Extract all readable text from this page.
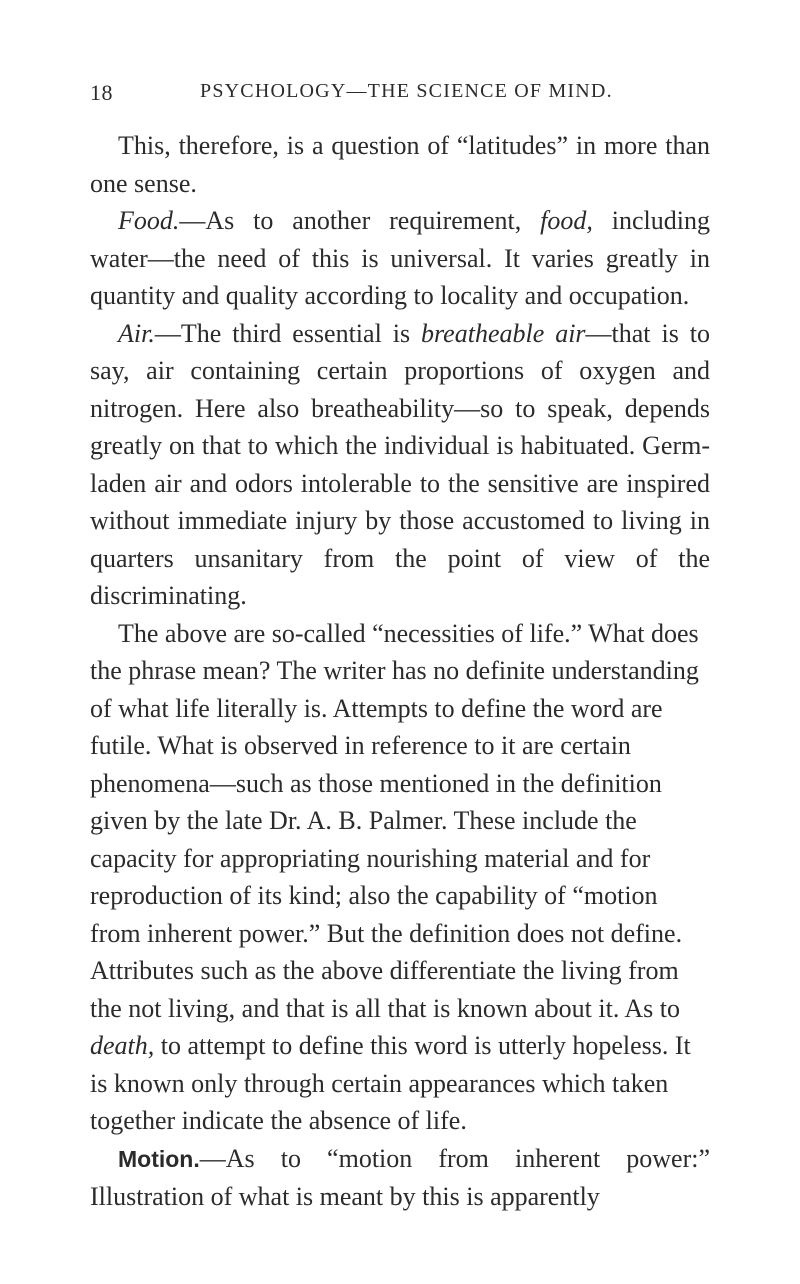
18	PSYCHOLOGY—THE SCIENCE OF MIND.

This, therefore, is a question of “latitudes” in more than one sense.

Food.—As to another requirement, food, including water—the need of this is universal. It varies greatly in quantity and quality according to locality and occupation.

Air.—The third essential is breatheable air—that is to say, air containing certain proportions of oxygen and nitrogen. Here also breatheability—so to speak, depends greatly on that to which the individual is habituated. Germ-laden air and odors intolerable to the sensitive are inspired without immediate injury by those accustomed to living in quarters unsanitary from the point of view of the discriminating.

The above are so-called “necessities of life.” What does the phrase mean? The writer has no definite understanding of what life literally is. Attempts to define the word are futile. What is observed in reference to it are certain phenomena—such as those mentioned in the definition given by the late Dr. A. B. Palmer. These include the capacity for appropriating nourishing material and for reproduction of its kind; also the capability of “motion from inherent power.” But the definition does not define. Attributes such as the above differentiate the living from the not living, and that is all that is known about it. As to death, to attempt to define this word is utterly hopeless. It is known only through certain appearances which taken together indicate the absence of life.

Motion.—As to “motion from inherent power:” Illustration of what is meant by this is apparently
